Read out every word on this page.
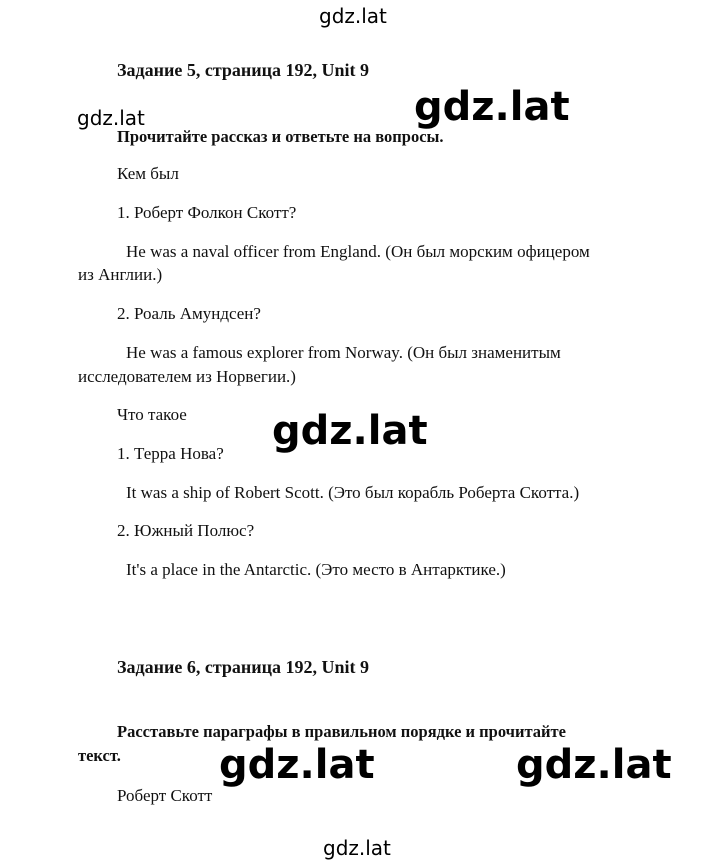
gdz.lat
gdz.lat	gdz.lat
gdz.lat
gdz.lat	gdz.lat
gdz.lat
Задание 5, страница 192, Unit 9
Прочитайте рассказ и ответьте на вопросы.
Кем был
1. Роберт Фолкон Скотт?
He was a naval officer from England. (Он был морским офицером
из Англии.)
2. Роаль Амундсен?
He was a famous explorer from Norway. (Он был знаменитым
исследователем из Норвегии.)
Что такое
1. Терра Нова?
It was a ship of Robert Scott. (Это был корабль Роберта Скотта.)
2. Южный Полюс?
It's a place in the Antarctic. (Это место в Антарктике.)
Задание 6, страница 192, Unit 9
Расставьте параграфы в правильном порядке и прочитайте
текст.
Роберт Скотт
